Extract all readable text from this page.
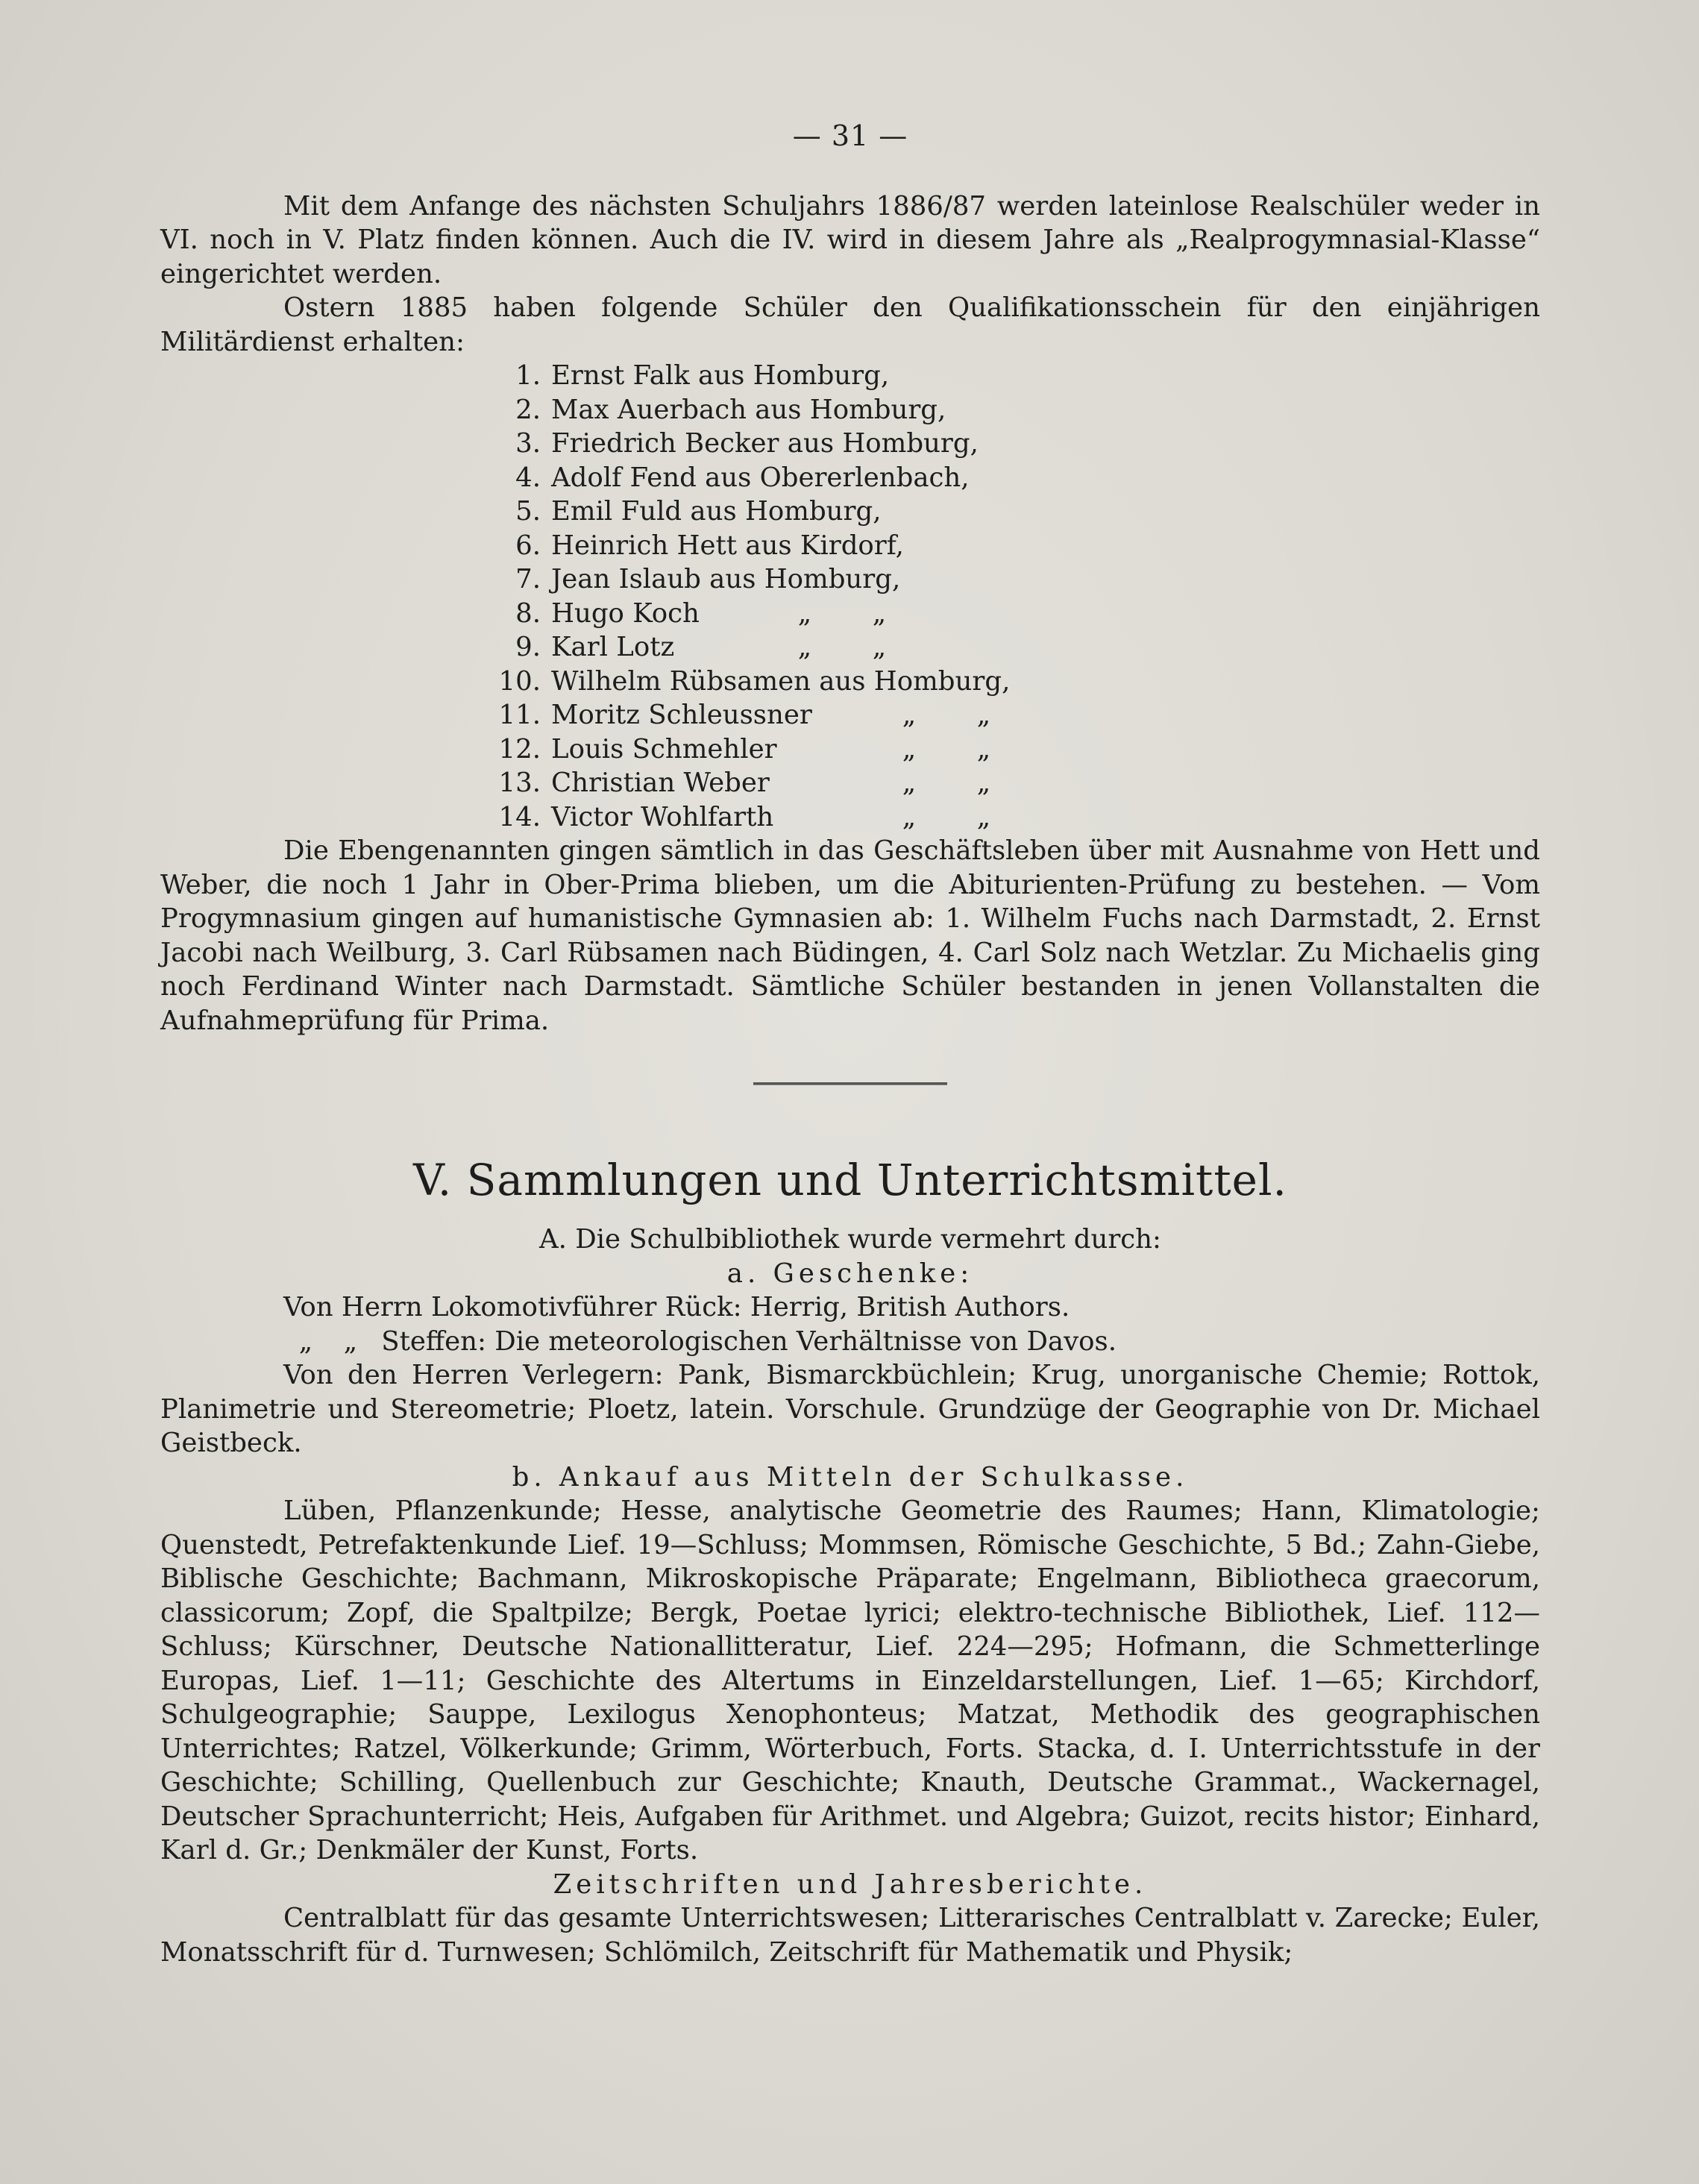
— 31 —

Mit dem Anfange des nächsten Schuljahrs 1886/87 werden lateinlose Realschüler weder in VI. noch in V. Platz finden können. Auch die IV. wird in diesem Jahre als „Realprogymnasial-Klasse“ eingerichtet werden.

Ostern 1885 haben folgende Schüler den Qualifikationsschein für den einjährigen Militärdienst erhalten:

1. Ernst Falk aus Homburg,
2. Max Auerbach aus Homburg,
3. Friedrich Becker aus Homburg,
4. Adolf Fend aus Obererlenbach,
5. Emil Fuld aus Homburg,
6. Heinrich Hett aus Kirdorf,
7. Jean Islaub aus Homburg,
8. Hugo Koch	„	„
9. Karl Lotz	„	„
10. Wilhelm Rübsamen aus Homburg,
11. Moritz Schleussner	„	„
12. Louis Schmehler	„	„
13. Christian Weber	„	„
14. Victor Wohlfarth	„	„

Die Ebengenannten gingen sämtlich in das Geschäftsleben über mit Ausnahme von Hett und Weber, die noch 1 Jahr in Ober-Prima blieben, um die Abiturienten-Prüfung zu bestehen. — Vom Progymnasium gingen auf humanistische Gymnasien ab: 1. Wilhelm Fuchs nach Darmstadt, 2. Ernst Jacobi nach Weilburg, 3. Carl Rübsamen nach Büdingen, 4. Carl Solz nach Wetzlar. Zu Michaelis ging noch Ferdinand Winter nach Darmstadt. Sämtliche Schüler bestanden in jenen Vollanstalten die Aufnahmeprüfung für Prima.

V. Sammlungen und Unterrichtsmittel.

A. Die Schulbibliothek wurde vermehrt durch:

a. Geschenke:

Von Herrn Lokomotivführer Rück: Herrig, British Authors.

„ „ Steffen: Die meteorologischen Verhältnisse von Davos.

Von den Herren Verlegern: Pank, Bismarckbüchlein; Krug, unorganische Chemie; Rottok, Planimetrie und Stereometrie; Ploetz, latein. Vorschule. Grundzüge der Geographie von Dr. Michael Geistbeck.

b. Ankauf aus Mitteln der Schulkasse.

Lüben, Pflanzenkunde; Hesse, analytische Geometrie des Raumes; Hann, Klimatologie; Quenstedt, Petrefaktenkunde Lief. 19—Schluss; Mommsen, Römische Geschichte, 5 Bd.; Zahn-Giebe, Biblische Geschichte; Bachmann, Mikroskopische Präparate; Engelmann, Bibliotheca graecorum, classicorum; Zopf, die Spaltpilze; Bergk, Poetae lyrici; elektro-technische Bibliothek, Lief. 112—Schluss; Kürschner, Deutsche Nationallitteratur, Lief. 224—295; Hofmann, die Schmetterlinge Europas, Lief. 1—11; Geschichte des Altertums in Einzeldarstellungen, Lief. 1—65; Kirchdorf, Schulgeographie; Sauppe, Lexilogus Xenophonteus; Matzat, Methodik des geographischen Unterrichtes; Ratzel, Völkerkunde; Grimm, Wörterbuch, Forts. Stacka, d. I. Unterrichtsstufe in der Geschichte; Schilling, Quellenbuch zur Geschichte; Knauth, Deutsche Grammat., Wackernagel, Deutscher Sprachunterricht; Heis, Aufgaben für Arithmet. und Algebra; Guizot, recits histor; Einhard, Karl d. Gr.; Denkmäler der Kunst, Forts.

Zeitschriften und Jahresberichte.

Centralblatt für das gesamte Unterrichtswesen; Litterarisches Centralblatt v. Zarecke; Euler, Monatsschrift für d. Turnwesen; Schlömilch, Zeitschrift für Mathematik und Physik;
